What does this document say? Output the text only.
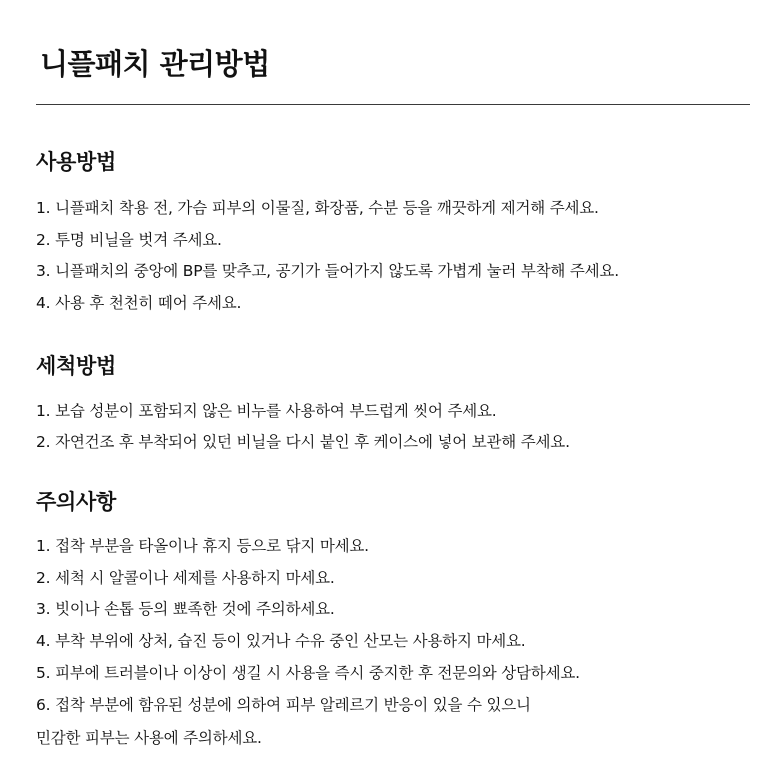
니플패치 관리방법
사용방법

1. 니플패치 착용 전, 가슴 피부의 이물질, 화장품, 수분 등을 깨끗하게 제거해 주세요.

2. 투명 비닐을 벗겨 주세요.

3. 니플패치의 중앙에 BP를 맞추고, 공기가 들어가지 않도록 가볍게 눌러 부착해 주세요.

4. 사용 후 천천히 떼어 주세요.

세척방법

1. 보습 성분이 포함되지 않은 비누를 사용하여 부드럽게 씻어 주세요.

2. 자연건조 후 부착되어 있던 비닐을 다시 붙인 후 케이스에 넣어 보관해 주세요.

주의사항

1. 접착 부분을 타올이나 휴지 등으로 닦지 마세요.

2. 세척 시 알콜이나 세제를 사용하지 마세요.

3. 빗이나 손톱 등의 뾰족한 것에 주의하세요.

4. 부착 부위에 상처, 습진 등이 있거나 수유 중인 산모는 사용하지 마세요.

5. 피부에 트러블이나 이상이 생길 시 사용을 즉시 중지한 후 전문의와 상담하세요.

6. 접착 부분에 함유된 성분에 의하여 피부 알레르기 반응이 있을 수 있으니

민감한 피부는 사용에 주의하세요.
